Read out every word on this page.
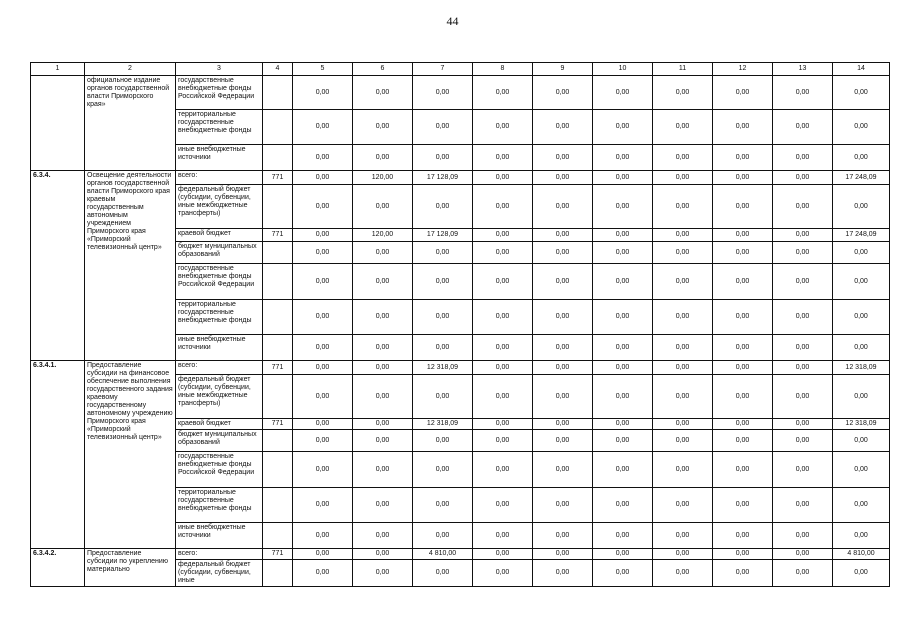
44
1	2	3	4	5	6	7	8	9	10	11	12	13	14
	официальное издание органов государственной власти Приморского края»	государственные внебюджетные фонды Российской Федерации		0,00	0,00	0,00	0,00	0,00	0,00	0,00	0,00	0,00	0,00
		территориальные государственные внебюджетные фонды		0,00	0,00	0,00	0,00	0,00	0,00	0,00	0,00	0,00	0,00
		иные внебюджетные источники		0,00	0,00	0,00	0,00	0,00	0,00	0,00	0,00	0,00	0,00
6.3.4.	Освещение деятельности органов государственной власти Приморского края краевым государственным автономным учреждением Приморского края «Приморский телевизионный центр»	всего:	771	0,00	120,00	17 128,09	0,00	0,00	0,00	0,00	0,00	0,00	17 248,09
		федеральный бюджет (субсидии, субвенции, иные межбюджетные трансферты)		0,00	0,00	0,00	0,00	0,00	0,00	0,00	0,00	0,00	0,00
		краевой бюджет	771	0,00	120,00	17 128,09	0,00	0,00	0,00	0,00	0,00	0,00	17 248,09
		бюджет муниципальных образований		0,00	0,00	0,00	0,00	0,00	0,00	0,00	0,00	0,00	0,00
		государственные внебюджетные фонды Российской Федерации		0,00	0,00	0,00	0,00	0,00	0,00	0,00	0,00	0,00	0,00
		территориальные государственные внебюджетные фонды		0,00	0,00	0,00	0,00	0,00	0,00	0,00	0,00	0,00	0,00
		иные внебюджетные источники		0,00	0,00	0,00	0,00	0,00	0,00	0,00	0,00	0,00	0,00
6.3.4.1.	Предоставление субсидии на финансовое обеспечение выполнения государственного задания краевому государственному автономному учреждению Приморского края «Приморский телевизионный центр»	всего:	771	0,00	0,00	12 318,09	0,00	0,00	0,00	0,00	0,00	0,00	12 318,09
		федеральный бюджет (субсидии, субвенции, иные межбюджетные трансферты)		0,00	0,00	0,00	0,00	0,00	0,00	0,00	0,00	0,00	0,00
		краевой бюджет	771	0,00	0,00	12 318,09	0,00	0,00	0,00	0,00	0,00	0,00	12 318,09
		бюджет муниципальных образований		0,00	0,00	0,00	0,00	0,00	0,00	0,00	0,00	0,00	0,00
		государственные внебюджетные фонды Российской Федерации		0,00	0,00	0,00	0,00	0,00	0,00	0,00	0,00	0,00	0,00
		территориальные государственные внебюджетные фонды		0,00	0,00	0,00	0,00	0,00	0,00	0,00	0,00	0,00	0,00
		иные внебюджетные источники		0,00	0,00	0,00	0,00	0,00	0,00	0,00	0,00	0,00	0,00
6.3.4.2.	Предоставление субсидии по укреплению материально	всего:	771	0,00	0,00	4 810,00	0,00	0,00	0,00	0,00	0,00	0,00	4 810,00
		федеральный бюджет (субсидии, субвенции, иные		0,00	0,00	0,00	0,00	0,00	0,00	0,00	0,00	0,00	0,00
